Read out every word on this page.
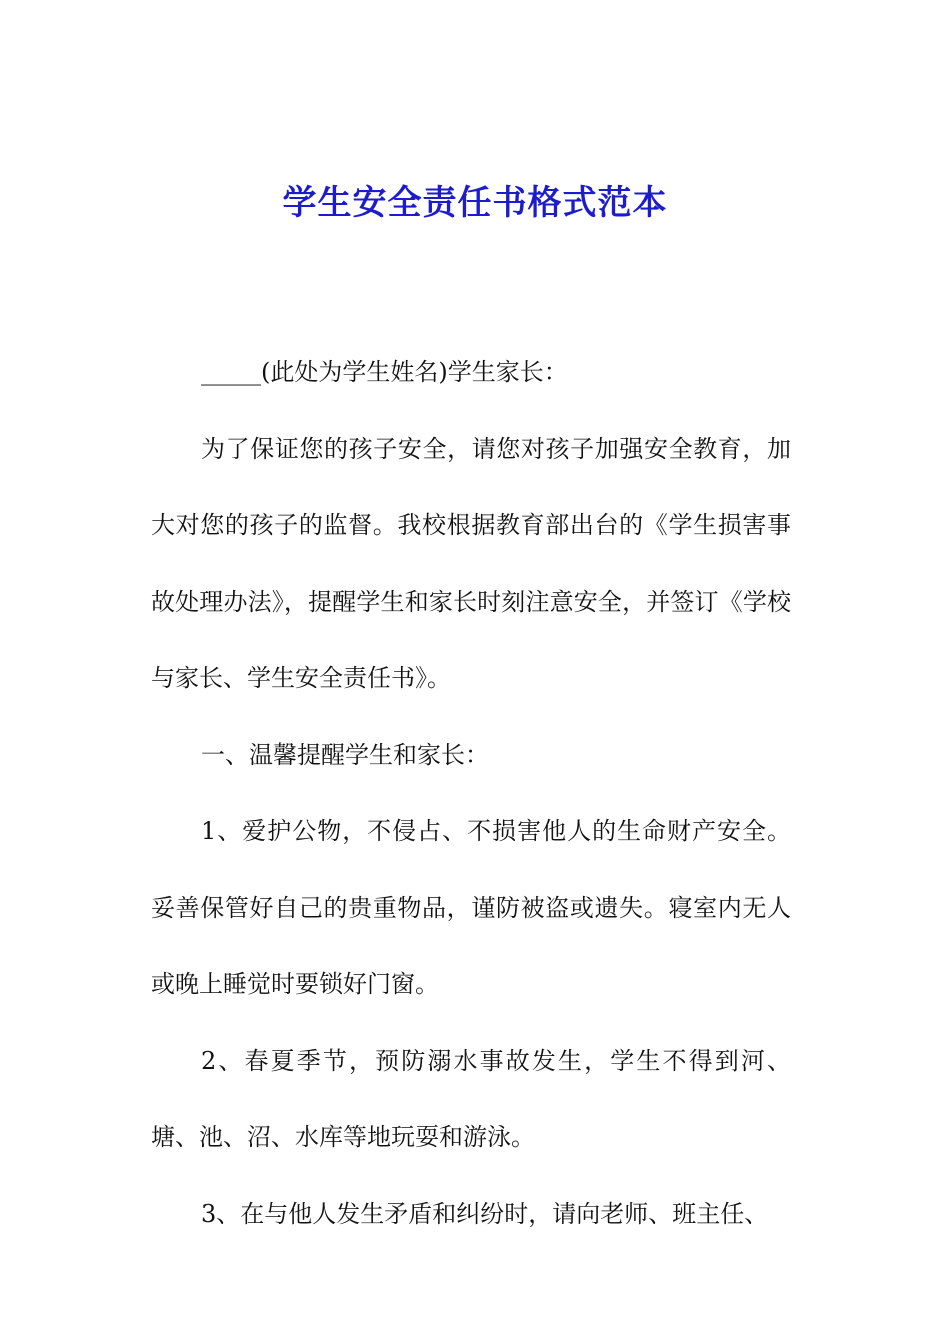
学生安全责任书格式范本

_____(此处为学生姓名)学生家长：

为了保证您的孩子安全，请您对孩子加强安全教育，加大对您的孩子的监督。我校根据教育部出台的《学生损害事故处理办法》，提醒学生和家长时刻注意安全，并签订《学校与家长、学生安全责任书》。

一、温馨提醒学生和家长：

1、爱护公物，不侵占、不损害他人的生命财产安全。妥善保管好自己的贵重物品，谨防被盗或遗失。寝室内无人或晚上睡觉时要锁好门窗。

2、春夏季节，预防溺水事故发生，学生不得到河、塘、池、沼、水库等地玩耍和游泳。

3、在与他人发生矛盾和纠纷时，请向老师、班主任、
